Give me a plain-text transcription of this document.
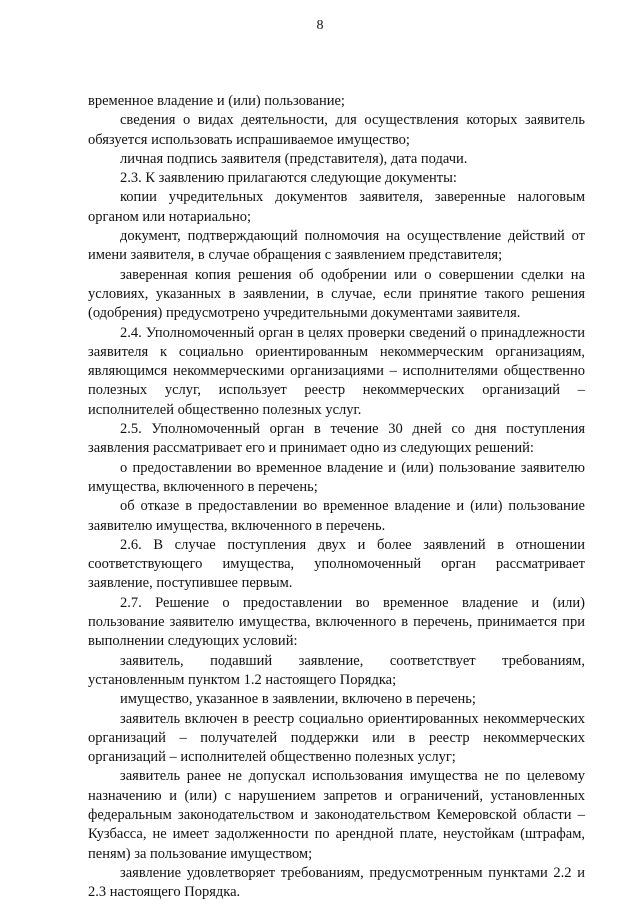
8

временное владение и (или) пользование;

сведения о видах деятельности, для осуществления которых заявитель обязуется использовать испрашиваемое имущество;

личная подпись заявителя (представителя), дата подачи.

2.3. К заявлению прилагаются следующие документы:

копии учредительных документов заявителя, заверенные налоговым органом или нотариально;

документ, подтверждающий полномочия на осуществление действий от имени заявителя, в случае обращения с заявлением представителя;

заверенная копия решения об одобрении или о совершении сделки на условиях, указанных в заявлении, в случае, если принятие такого решения (одобрения) предусмотрено учредительными документами заявителя.

2.4. Уполномоченный орган в целях проверки сведений о принадлежности заявителя к социально ориентированным некоммерческим организациям, являющимся некоммерческими организациями – исполнителями общественно полезных услуг, использует реестр некоммерческих организаций – исполнителей общественно полезных услуг.

2.5. Уполномоченный орган в течение 30 дней со дня поступления заявления рассматривает его и принимает одно из следующих решений:

о предоставлении во временное владение и (или) пользование заявителю имущества, включенного в перечень;

об отказе в предоставлении во временное владение и (или) пользование заявителю имущества, включенного в перечень.

2.6. В случае поступления двух и более заявлений в отношении соответствующего имущества, уполномоченный орган рассматривает заявление, поступившее первым.

2.7. Решение о предоставлении во временное владение и (или) пользование заявителю имущества, включенного в перечень, принимается при выполнении следующих условий:

заявитель, подавший заявление, соответствует требованиям, установленным пунктом 1.2 настоящего Порядка;

имущество, указанное в заявлении, включено в перечень;

заявитель включен в реестр социально ориентированных некоммерческих организаций – получателей поддержки или в реестр некоммерческих организаций – исполнителей общественно полезных услуг;

заявитель ранее не допускал использования имущества не по целевому назначению и (или) с нарушением запретов и ограничений, установленных федеральным законодательством и законодательством Кемеровской области – Кузбасса, не имеет задолженности по арендной плате, неустойкам (штрафам, пеням) за пользование имуществом;

заявление удовлетворяет требованиям, предусмотренным пунктами 2.2 и 2.3 настоящего Порядка.
